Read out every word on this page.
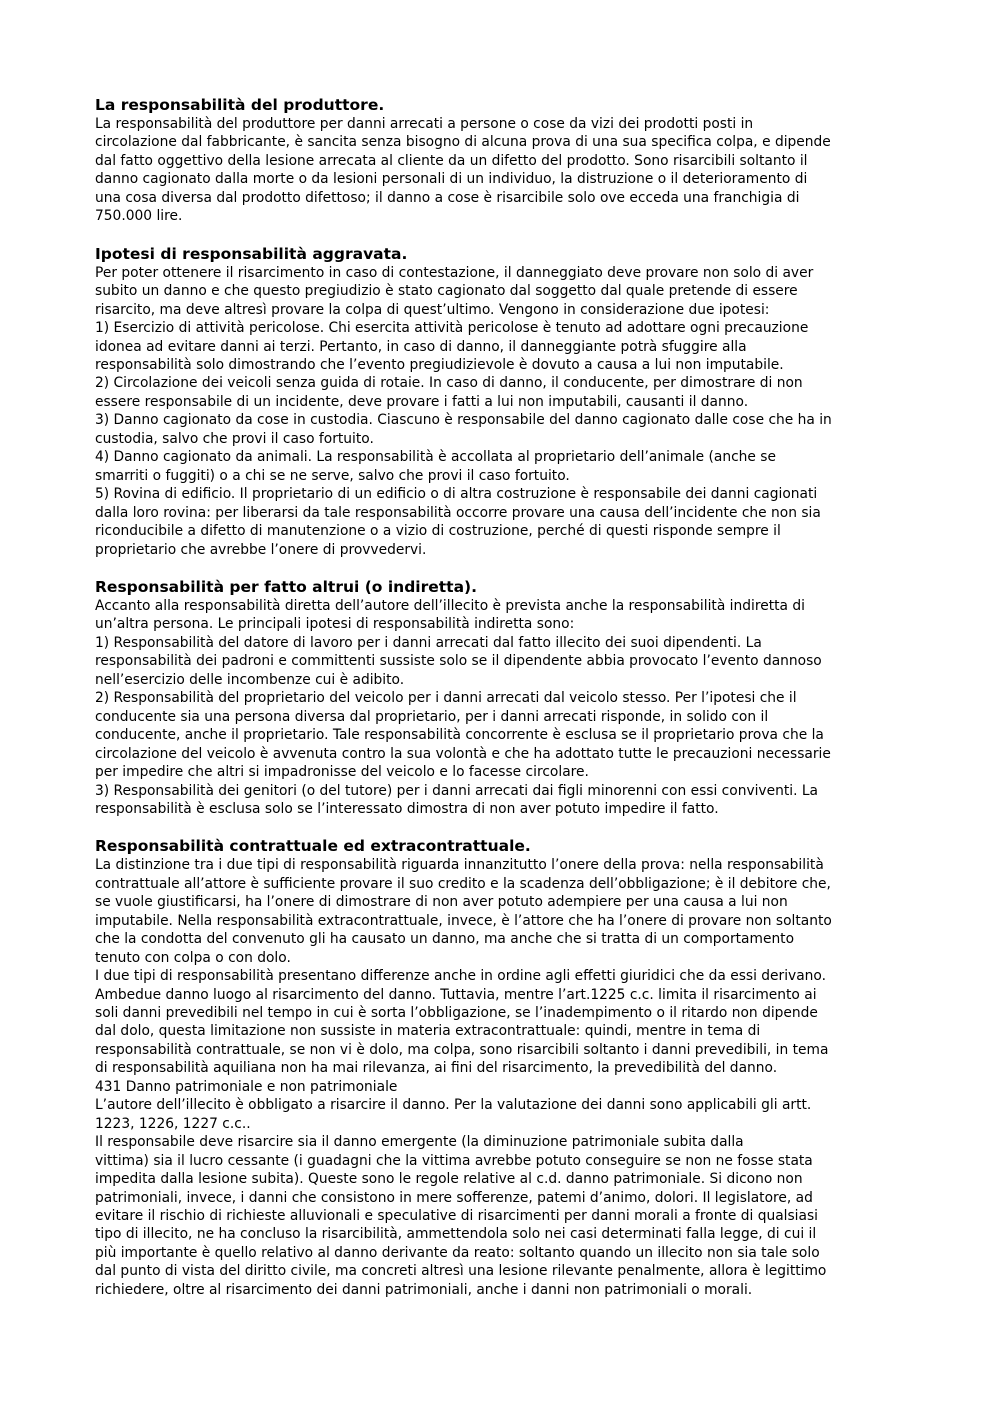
La responsabilità del produttore.
La responsabilità del produttore per danni arrecati a persone o cose da vizi dei prodotti posti in
circolazione dal fabbricante, è sancita senza bisogno di alcuna prova di una sua specifica colpa, e dipende
dal fatto oggettivo della lesione arrecata al cliente da un difetto del prodotto. Sono risarcibili soltanto il
danno cagionato dalla morte o da lesioni personali di un individuo, la distruzione o il deterioramento di
una cosa diversa dal prodotto difettoso; il danno a cose è risarcibile solo ove ecceda una franchigia di
750.000 lire.
Ipotesi di responsabilità aggravata.
Per poter ottenere il risarcimento in caso di contestazione, il danneggiato deve provare non solo di aver
subito un danno e che questo pregiudizio è stato cagionato dal soggetto dal quale pretende di essere
risarcito, ma deve altresì provare la colpa di quest’ultimo. Vengono in considerazione due ipotesi:
1) Esercizio di attività pericolose. Chi esercita attività pericolose è tenuto ad adottare ogni precauzione
idonea ad evitare danni ai terzi. Pertanto, in caso di danno, il danneggiante potrà sfuggire alla
responsabilità solo dimostrando che l’evento pregiudizievole è dovuto a causa a lui non imputabile.
2) Circolazione dei veicoli senza guida di rotaie. In caso di danno, il conducente, per dimostrare di non
essere responsabile di un incidente, deve provare i fatti a lui non imputabili, causanti il danno.
3) Danno cagionato da cose in custodia. Ciascuno è responsabile del danno cagionato dalle cose che ha in
custodia, salvo che provi il caso fortuito.
4) Danno cagionato da animali. La responsabilità è accollata al proprietario dell’animale (anche se
smarriti o fuggiti) o a chi se ne serve, salvo che provi il caso fortuito.
5) Rovina di edificio. Il proprietario di un edificio o di altra costruzione è responsabile dei danni cagionati
dalla loro rovina: per liberarsi da tale responsabilità occorre provare una causa dell’incidente che non sia
riconducibile a difetto di manutenzione o a vizio di costruzione, perché di questi risponde sempre il
proprietario che avrebbe l’onere di provvedervi.
Responsabilità per fatto altrui (o indiretta).
Accanto alla responsabilità diretta dell’autore dell’illecito è prevista anche la responsabilità indiretta di
un’altra persona. Le principali ipotesi di responsabilità indiretta sono:
1) Responsabilità del datore di lavoro per i danni arrecati dal fatto illecito dei suoi dipendenti. La
responsabilità dei padroni e committenti sussiste solo se il dipendente abbia provocato l’evento dannoso
nell’esercizio delle incombenze cui è adibito.
2) Responsabilità del proprietario del veicolo per i danni arrecati dal veicolo stesso. Per l’ipotesi che il
conducente sia una persona diversa dal proprietario, per i danni arrecati risponde, in solido con il
conducente, anche il proprietario. Tale responsabilità concorrente è esclusa se il proprietario prova che la
circolazione del veicolo è avvenuta contro la sua volontà e che ha adottato tutte le precauzioni necessarie
per impedire che altri si impadronisse del veicolo e lo facesse circolare.
3) Responsabilità dei genitori (o del tutore) per i danni arrecati dai figli minorenni con essi conviventi. La
responsabilità è esclusa solo se l’interessato dimostra di non aver potuto impedire il fatto.
Responsabilità contrattuale ed extracontrattuale.
La distinzione tra i due tipi di responsabilità riguarda innanzitutto l’onere della prova: nella responsabilità
contrattuale all’attore è sufficiente provare il suo credito e la scadenza dell’obbligazione; è il debitore che,
se vuole giustificarsi, ha l’onere di dimostrare di non aver potuto adempiere per una causa a lui non
imputabile. Nella responsabilità extracontrattuale, invece, è l’attore che ha l’onere di provare non soltanto
che la condotta del convenuto gli ha causato un danno, ma anche che si tratta di un comportamento
tenuto con colpa o con dolo.
I due tipi di responsabilità presentano differenze anche in ordine agli effetti giuridici che da essi derivano.
Ambedue danno luogo al risarcimento del danno. Tuttavia, mentre l’art.1225 c.c. limita il risarcimento ai
soli danni prevedibili nel tempo in cui è sorta l’obbligazione, se l’inadempimento o il ritardo non dipende
dal dolo, questa limitazione non sussiste in materia extracontrattuale: quindi, mentre in tema di
responsabilità contrattuale, se non vi è dolo, ma colpa, sono risarcibili soltanto i danni prevedibili, in tema
di responsabilità aquiliana non ha mai rilevanza, ai fini del risarcimento, la prevedibilità del danno.
431 Danno patrimoniale e non patrimoniale
L’autore dell’illecito è obbligato a risarcire il danno. Per la valutazione dei danni sono applicabili gli artt.
1223, 1226, 1227 c.c..
Il responsabile deve risarcire sia il danno emergente (la diminuzione patrimoniale subita dalla
vittima) sia il lucro cessante (i guadagni che la vittima avrebbe potuto conseguire se non ne fosse stata
impedita dalla lesione subita). Queste sono le regole relative al c.d. danno patrimoniale. Si dicono non
patrimoniali, invece, i danni che consistono in mere sofferenze, patemi d’animo, dolori. Il legislatore, ad
evitare il rischio di richieste alluvionali e speculative di risarcimenti per danni morali a fronte di qualsiasi
tipo di illecito, ne ha concluso la risarcibilità, ammettendola solo nei casi determinati falla legge, di cui il
più importante è quello relativo al danno derivante da reato: soltanto quando un illecito non sia tale solo
dal punto di vista del diritto civile, ma concreti altresì una lesione rilevante penalmente, allora è legittimo
richiedere, oltre al risarcimento dei danni patrimoniali, anche i danni non patrimoniali o morali.
